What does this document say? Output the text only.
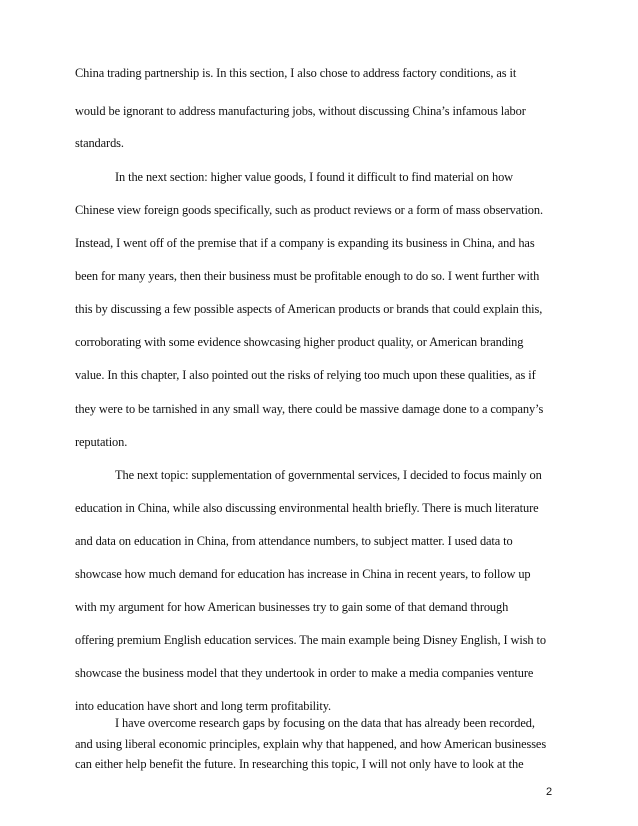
China trading partnership is. In this section, I also chose to address factory conditions, as it
would be ignorant to address manufacturing jobs, without discussing China’s infamous labor
standards.
In the next section: higher value goods, I found it difficult to find material on how
Chinese view foreign goods specifically, such as product reviews or a form of mass observation.
Instead, I went off of the premise that if a company is expanding its business in China, and has
been for many years, then their business must be profitable enough to do so. I went further with
this by discussing a few possible aspects of American products or brands that could explain this,
corroborating with some evidence showcasing higher product quality, or American branding
value. In this chapter, I also pointed out the risks of relying too much upon these qualities, as if
they were to be tarnished in any small way, there could be massive damage done to a company’s
reputation.
The next topic: supplementation of governmental services, I decided to focus mainly on
education in China, while also discussing environmental health briefly. There is much literature
and data on education in China, from attendance numbers, to subject matter. I used data to
showcase how much demand for education has increase in China in recent years, to follow up
with my argument for how American businesses try to gain some of that demand through
offering premium English education services. The main example being Disney English, I wish to
showcase the business model that they undertook in order to make a media companies venture
into education have short and long term profitability.
I have overcome research gaps by focusing on the data that has already been recorded,
and using liberal economic principles, explain why that happened, and how American businesses
can either help benefit the future. In researching this topic, I will not only have to look at the
2
